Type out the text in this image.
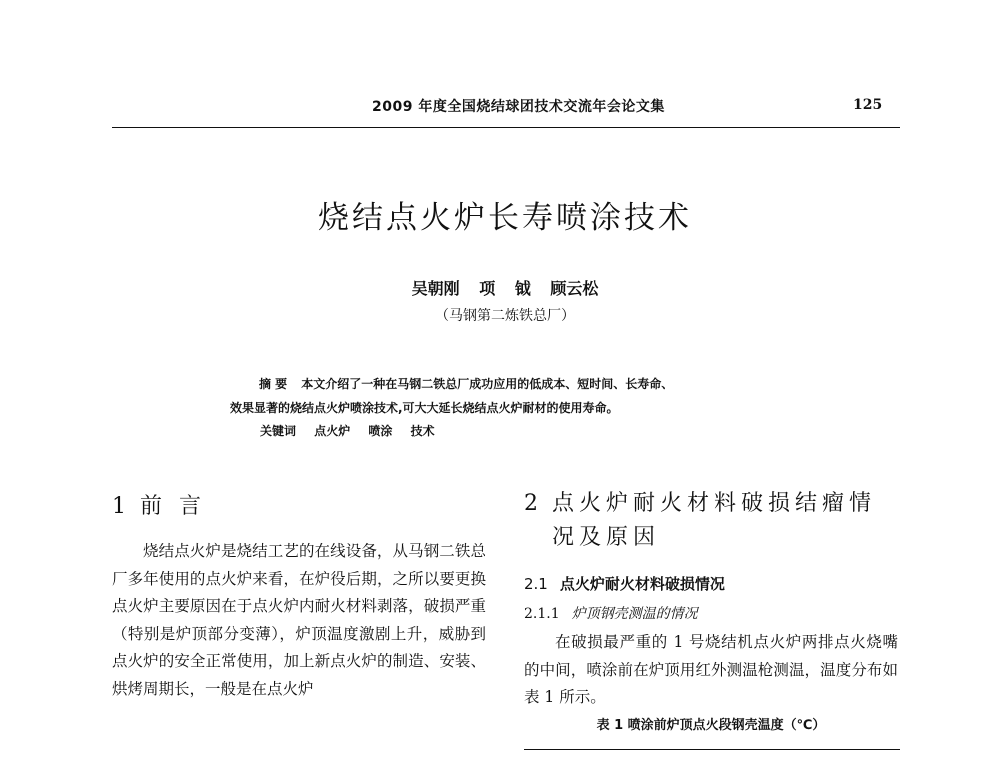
2009 年度全国烧结球团技术交流年会论文集	125
烧结点火炉长寿喷涂技术
吴朝刚 项 钺 顾云松
（马钢第二炼铁总厂）
摘 要 本文介绍了一种在马钢二铁总厂成功应用的低成本、短时间、长寿命、
效果显著的烧结点火炉喷涂技术,可大大延长烧结点火炉耐材的使用寿命。
关键词 点火炉 喷涂 技术
1 前 言

烧结点火炉是烧结工艺的在线设备，从马钢二铁总厂多年使用的点火炉来看，在炉役后期，之所以要更换点火炉主要原因在于点火炉内耐火材料剥落，破损严重（特别是炉顶部分变薄），炉顶温度激剧上升，威胁到点火炉的安全正常使用，加上新点火炉的制造、安装、烘烤周期长，一般是在点火炉

2 点火炉耐火材料破损结瘤情况及原因
2.1 点火炉耐火材料破损情况
2.1.1 炉顶钢壳测温的情况

在破损最严重的 1 号烧结机点火炉两排点火烧嘴的中间，喷涂前在炉顶用红外测温枪测温，温度分布如表 1 所示。

表 1 喷涂前炉顶点火段钢壳温度（℃）
